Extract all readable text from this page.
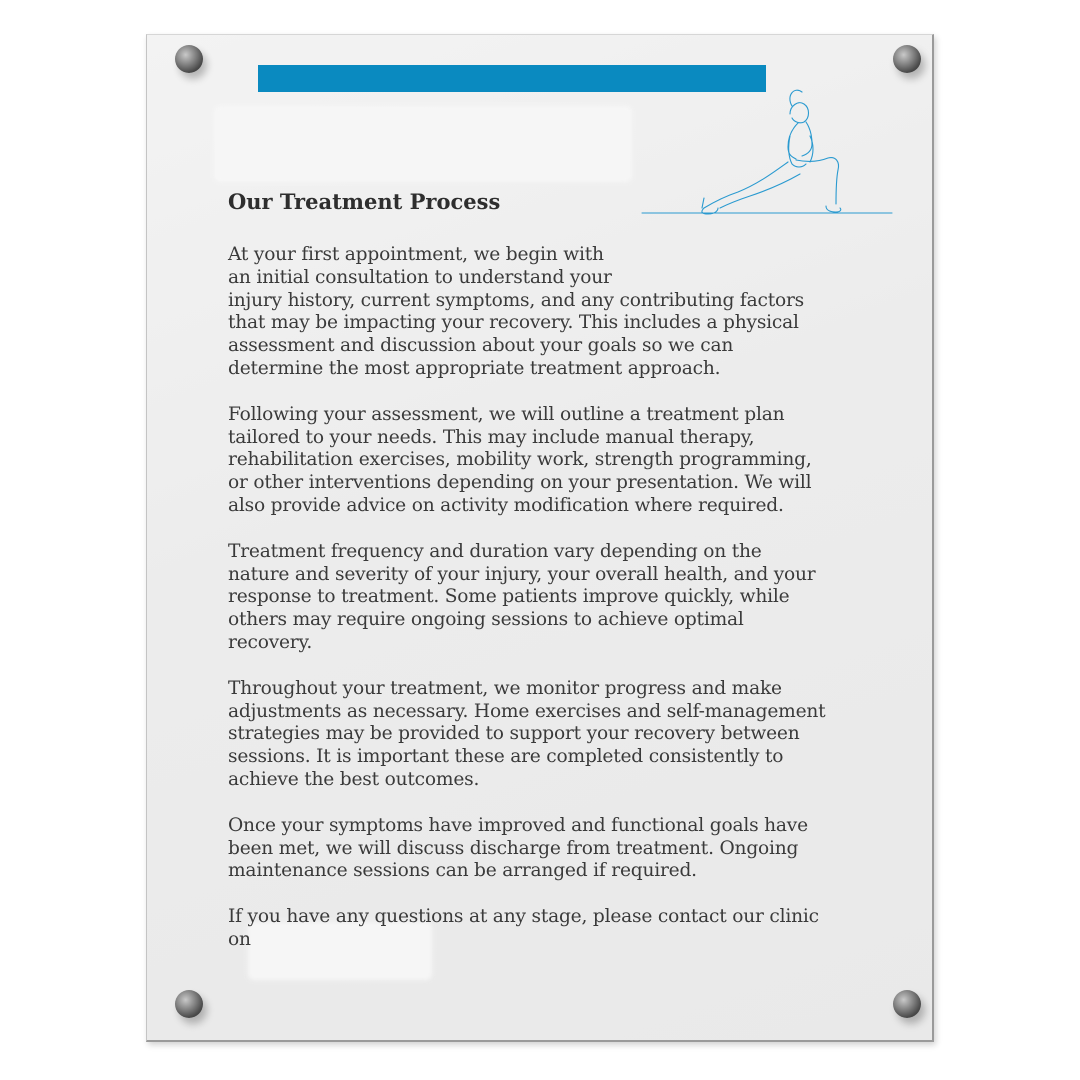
Our Treatment Process

At your first appointment, we begin with
an initial consultation to understand your
injury history, current symptoms, and any contributing factors
that may be impacting your recovery. This includes a physical
assessment and discussion about your goals so we can
determine the most appropriate treatment approach.

Following your assessment, we will outline a treatment plan
tailored to your needs. This may include manual therapy,
rehabilitation exercises, mobility work, strength programming,
or other interventions depending on your presentation. We will
also provide advice on activity modification where required.

Treatment frequency and duration vary depending on the
nature and severity of your injury, your overall health, and your
response to treatment. Some patients improve quickly, while
others may require ongoing sessions to achieve optimal
recovery.

Throughout your treatment, we monitor progress and make
adjustments as necessary. Home exercises and self-management
strategies may be provided to support your recovery between
sessions. It is important these are completed consistently to
achieve the best outcomes.

Once your symptoms have improved and functional goals have
been met, we will discuss discharge from treatment. Ongoing
maintenance sessions can be arranged if required.

If you have any questions at any stage, please contact our clinic
on
